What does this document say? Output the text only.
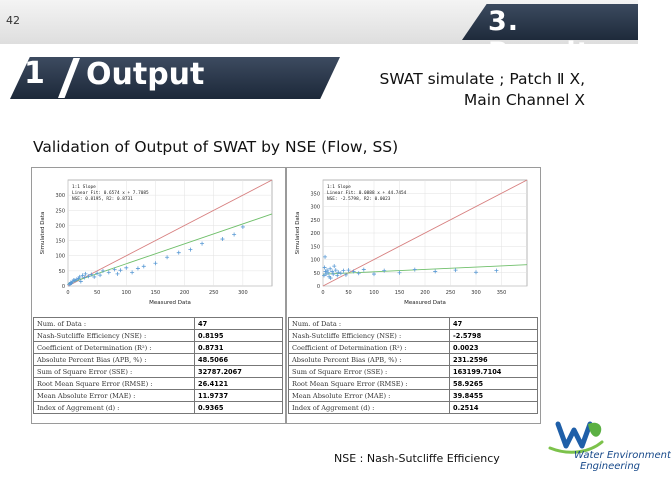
42	3. Results
1 Output	SWAT simulate ; Patch Ⅱ X,
Main Channel X
Validation of Output of SWAT by NSE (Flow, SS)
0	50	100	150	200	250	300
0
50
100
150
200
250
300
Measured Data
Simulated Data
1:1 Slope
Linear Fit: 0.6574 x + 7.7085
NSE: 0.8195, R2: 0.8731
Num. of Data :	47
Nash-Sutcliffe Efficiency (NSE) :	0.8195
Coefficient of Determination (R²) :	0.8731
Absolute Percent Bias (APB, %) :	48.5066
Sum of Square Error (SSE) :	32787.2067
Root Mean Square Error (RMSE) :	26.4121
Mean Absolute Error (MAE) :	11.9737
Index of Aggrement (d) :	0.9365
0	50	100	150	200	250	300	350
0
50
100
150
200
250
300
350
Measured Data
Simulated Data
1:1 Slope
Linear Fit: 0.0888 x + 44.7454
NSE: -2.5798, R2: 0.0023
Num. of Data :	47
Nash-Sutcliffe Efficiency (NSE) :	-2.5798
Coefficient of Determination (R²) :	0.0023
Absolute Percent Bias (APB, %) :	231.2596
Sum of Square Error (SSE) :	163199.7104
Root Mean Square Error (RMSE) :	58.9265
Mean Absolute Error (MAE) :	39.8455
Index of Aggrement (d) :	0.2514
NSE : Nash-Sutcliffe Efficiency	Water Environment
Engineering
